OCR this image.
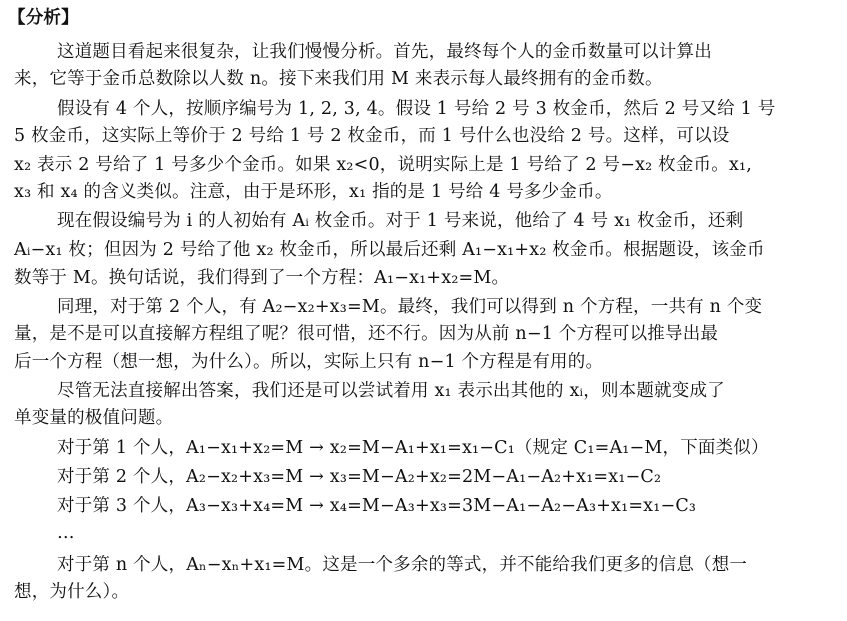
【分析】
这道题目看起来很复杂，让我们慢慢分析。首先，最终每个人的金币数量可以计算出
来，它等于金币总数除以人数 n。接下来我们用 M 来表示每人最终拥有的金币数。
假设有 4 个人，按顺序编号为 1, 2, 3, 4。假设 1 号给 2 号 3 枚金币，然后 2 号又给 1 号
5 枚金币，这实际上等价于 2 号给 1 号 2 枚金币，而 1 号什么也没给 2 号。这样，可以设
x₂ 表示 2 号给了 1 号多少个金币。如果 x₂<0，说明实际上是 1 号给了 2 号−x₂ 枚金币。x₁,
x₃ 和 x₄ 的含义类似。注意，由于是环形，x₁ 指的是 1 号给 4 号多少金币。
现在假设编号为 i 的人初始有 Aᵢ 枚金币。对于 1 号来说，他给了 4 号 x₁ 枚金币，还剩
Aᵢ−x₁ 枚；但因为 2 号给了他 x₂ 枚金币，所以最后还剩 A₁−x₁+x₂ 枚金币。根据题设，该金币
数等于 M。换句话说，我们得到了一个方程：A₁−x₁+x₂=M。
同理，对于第 2 个人，有 A₂−x₂+x₃=M。最终，我们可以得到 n 个方程，一共有 n 个变
量，是不是可以直接解方程组了呢？很可惜，还不行。因为从前 n−1 个方程可以推导出最
后一个方程（想一想，为什么）。所以，实际上只有 n−1 个方程是有用的。
尽管无法直接解出答案，我们还是可以尝试着用 x₁ 表示出其他的 xᵢ，则本题就变成了
单变量的极值问题。
对于第 1 个人，A₁−x₁+x₂=M → x₂=M−A₁+x₁=x₁−C₁（规定 C₁=A₁−M，下面类似）
对于第 2 个人，A₂−x₂+x₃=M → x₃=M−A₂+x₂=2M−A₁−A₂+x₁=x₁−C₂
对于第 3 个人，A₃−x₃+x₄=M → x₄=M−A₃+x₃=3M−A₁−A₂−A₃+x₁=x₁−C₃
…
对于第 n 个人，Aₙ−xₙ+x₁=M。这是一个多余的等式，并不能给我们更多的信息（想一
想，为什么）。
